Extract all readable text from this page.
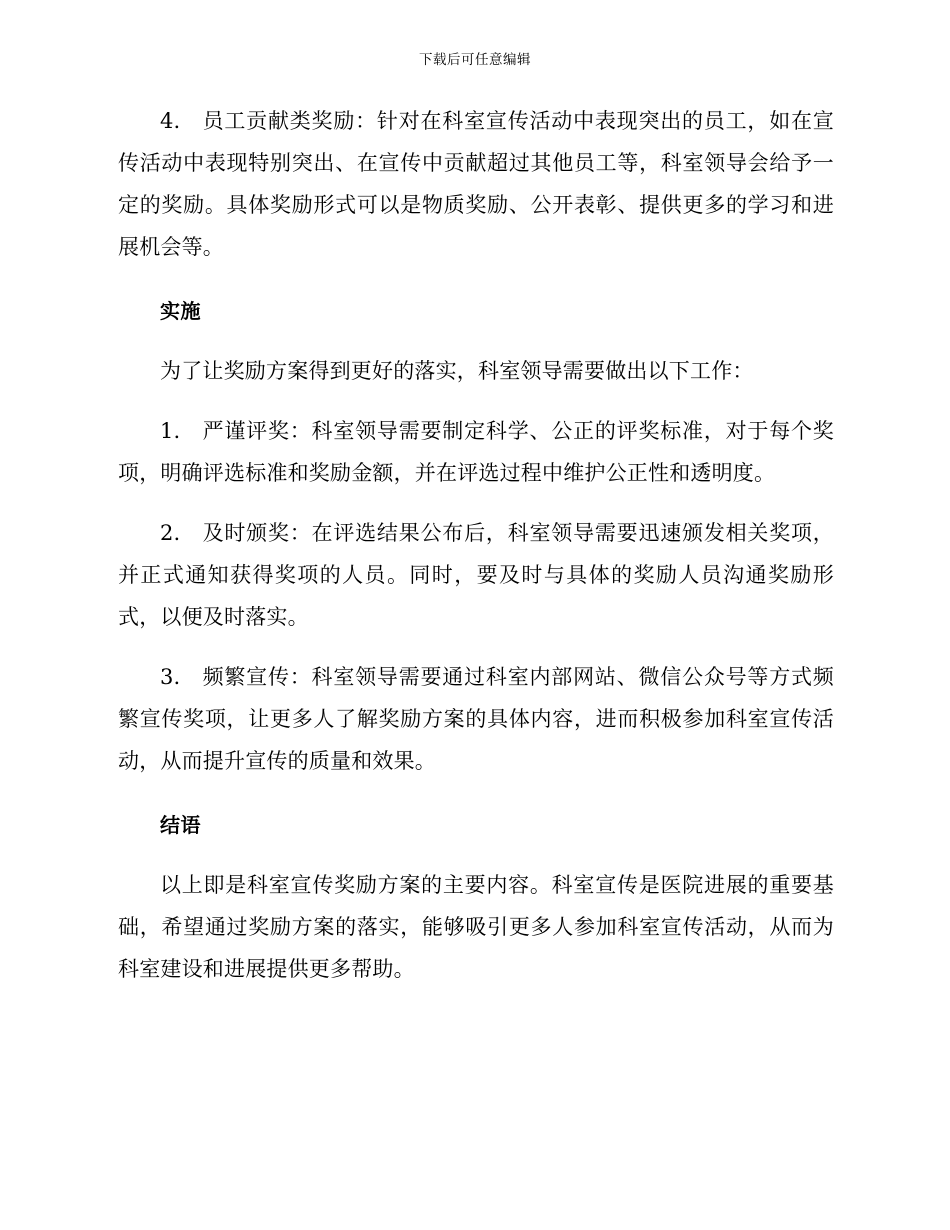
下载后可任意编辑

4. 员工贡献类奖励：针对在科室宣传活动中表现突出的员工，如在宣传活动中表现特别突出、在宣传中贡献超过其他员工等，科室领导会给予一定的奖励。具体奖励形式可以是物质奖励、公开表彰、提供更多的学习和进展机会等。

实施

为了让奖励方案得到更好的落实，科室领导需要做出以下工作：

1. 严谨评奖：科室领导需要制定科学、公正的评奖标准，对于每个奖项，明确评选标准和奖励金额，并在评选过程中维护公正性和透明度。

2. 及时颁奖：在评选结果公布后，科室领导需要迅速颁发相关奖项，并正式通知获得奖项的人员。同时，要及时与具体的奖励人员沟通奖励形式，以便及时落实。

3. 频繁宣传：科室领导需要通过科室内部网站、微信公众号等方式频繁宣传奖项，让更多人了解奖励方案的具体内容，进而积极参加科室宣传活动，从而提升宣传的质量和效果。

结语

以上即是科室宣传奖励方案的主要内容。科室宣传是医院进展的重要基础，希望通过奖励方案的落实，能够吸引更多人参加科室宣传活动，从而为科室建设和进展提供更多帮助。
